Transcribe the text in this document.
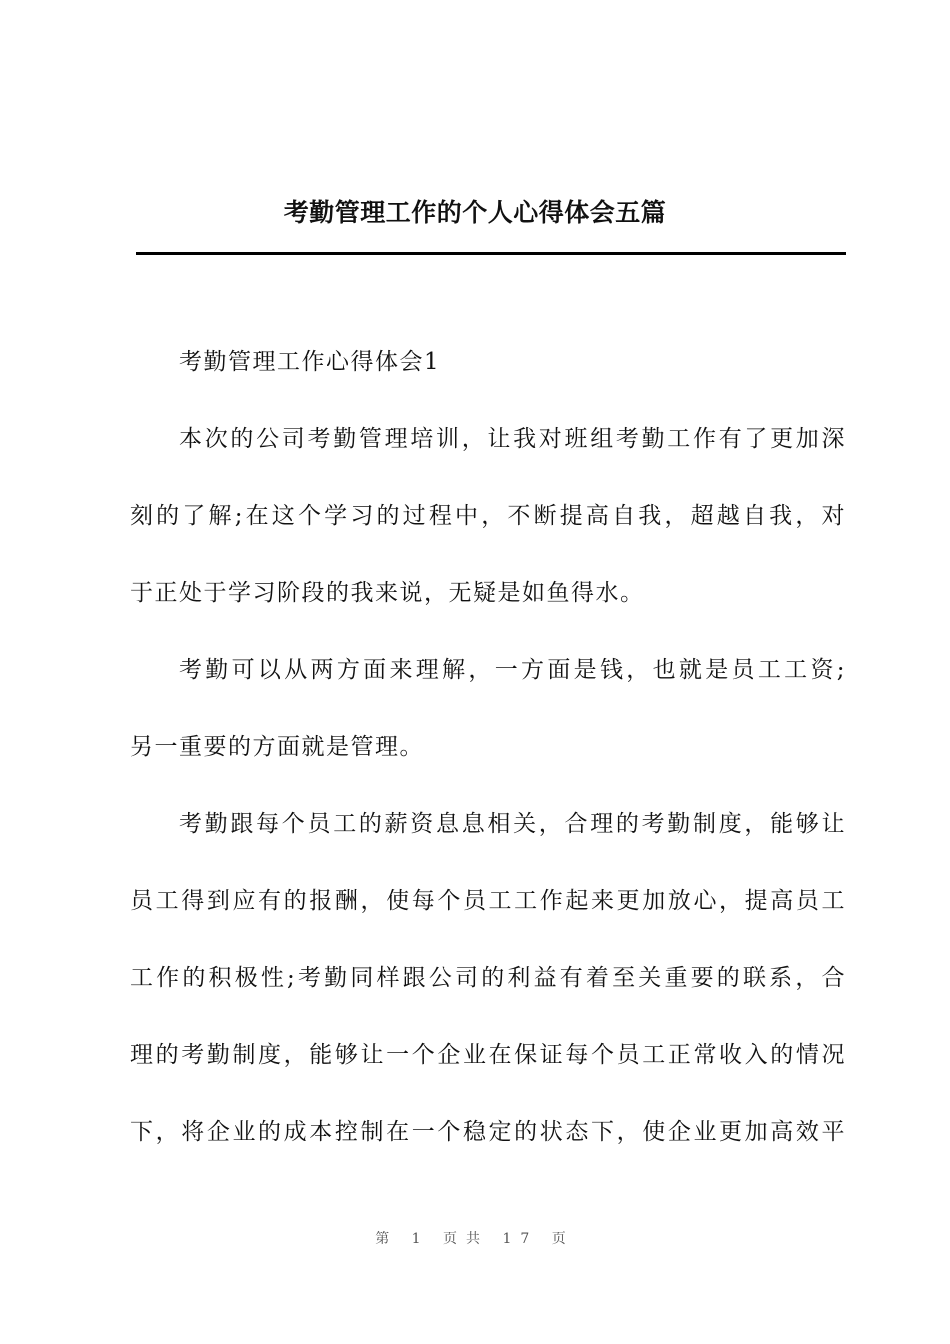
考勤管理工作的个人心得体会五篇
考勤管理工作心得体会1
本次的公司考勤管理培训，让我对班组考勤工作有了更加深
刻的了解;在这个学习的过程中，不断提高自我，超越自我，对
于正处于学习阶段的我来说，无疑是如鱼得水。
考勤可以从两方面来理解，一方面是钱，也就是员工工资;
另一重要的方面就是管理。
考勤跟每个员工的薪资息息相关，合理的考勤制度，能够让
员工得到应有的报酬，使每个员工工作起来更加放心，提高员工
工作的积极性;考勤同样跟公司的利益有着至关重要的联系，合
理的考勤制度，能够让一个企业在保证每个员工正常收入的情况
下，将企业的成本控制在一个稳定的状态下，使企业更加高效平
第 1 页共 17 页
